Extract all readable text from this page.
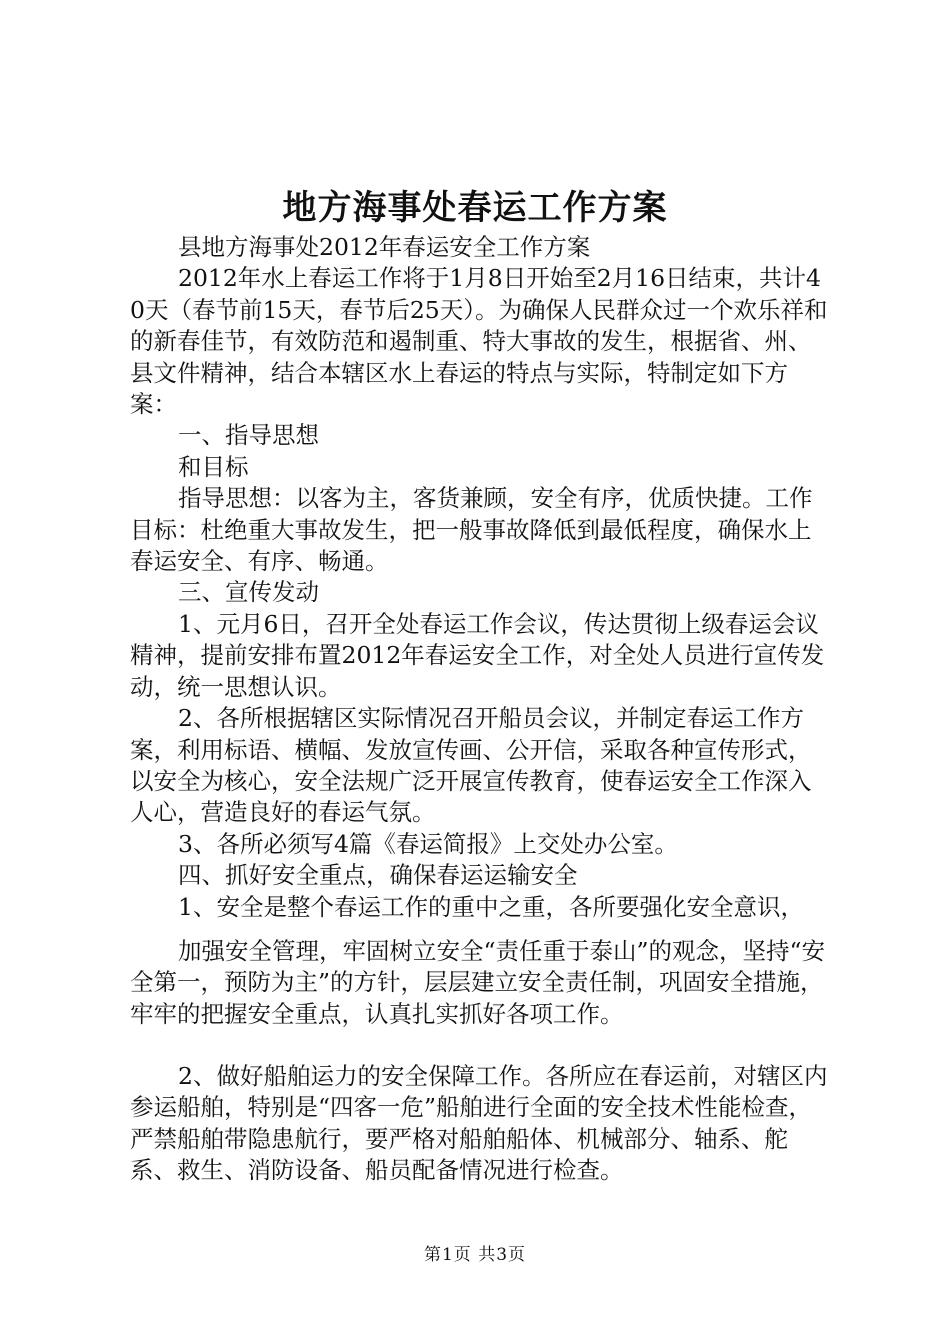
地方海事处春运工作方案

县地方海事处2012年春运安全工作方案

2012年水上春运工作将于1月8日开始至2月16日结束，共计40天（春节前15天，春节后25天）。为确保人民群众过一个欢乐祥和的新春佳节，有效防范和遏制重、特大事故的发生，根据省、州、县文件精神，结合本辖区水上春运的特点与实际，特制定如下方案：

一、指导思想

和目标

指导思想：以客为主，客货兼顾，安全有序，优质快捷。工作目标：杜绝重大事故发生，把一般事故降低到最低程度，确保水上春运安全、有序、畅通。

三、宣传发动

1、元月6日，召开全处春运工作会议，传达贯彻上级春运会议精神，提前安排布置2012年春运安全工作，对全处人员进行宣传发动，统一思想认识。

2、各所根据辖区实际情况召开船员会议，并制定春运工作方案，利用标语、横幅、发放宣传画、公开信，采取各种宣传形式，以安全为核心，安全法规广泛开展宣传教育，使春运安全工作深入人心，营造良好的春运气氛。

3、各所必须写4篇《春运简报》上交处办公室。

四、抓好安全重点，确保春运运输安全

1、安全是整个春运工作的重中之重，各所要强化安全意识，

加强安全管理，牢固树立安全“责任重于泰山”的观念，坚持“安全第一，预防为主”的方针，层层建立安全责任制，巩固安全措施，牢牢的把握安全重点，认真扎实抓好各项工作。

2、做好船舶运力的安全保障工作。各所应在春运前，对辖区内参运船舶，特别是“四客一危”船舶进行全面的安全技术性能检查，严禁船舶带隐患航行，要严格对船舶船体、机械部分、轴系、舵系、救生、消防设备、船员配备情况进行检查。

第1页 共3页
